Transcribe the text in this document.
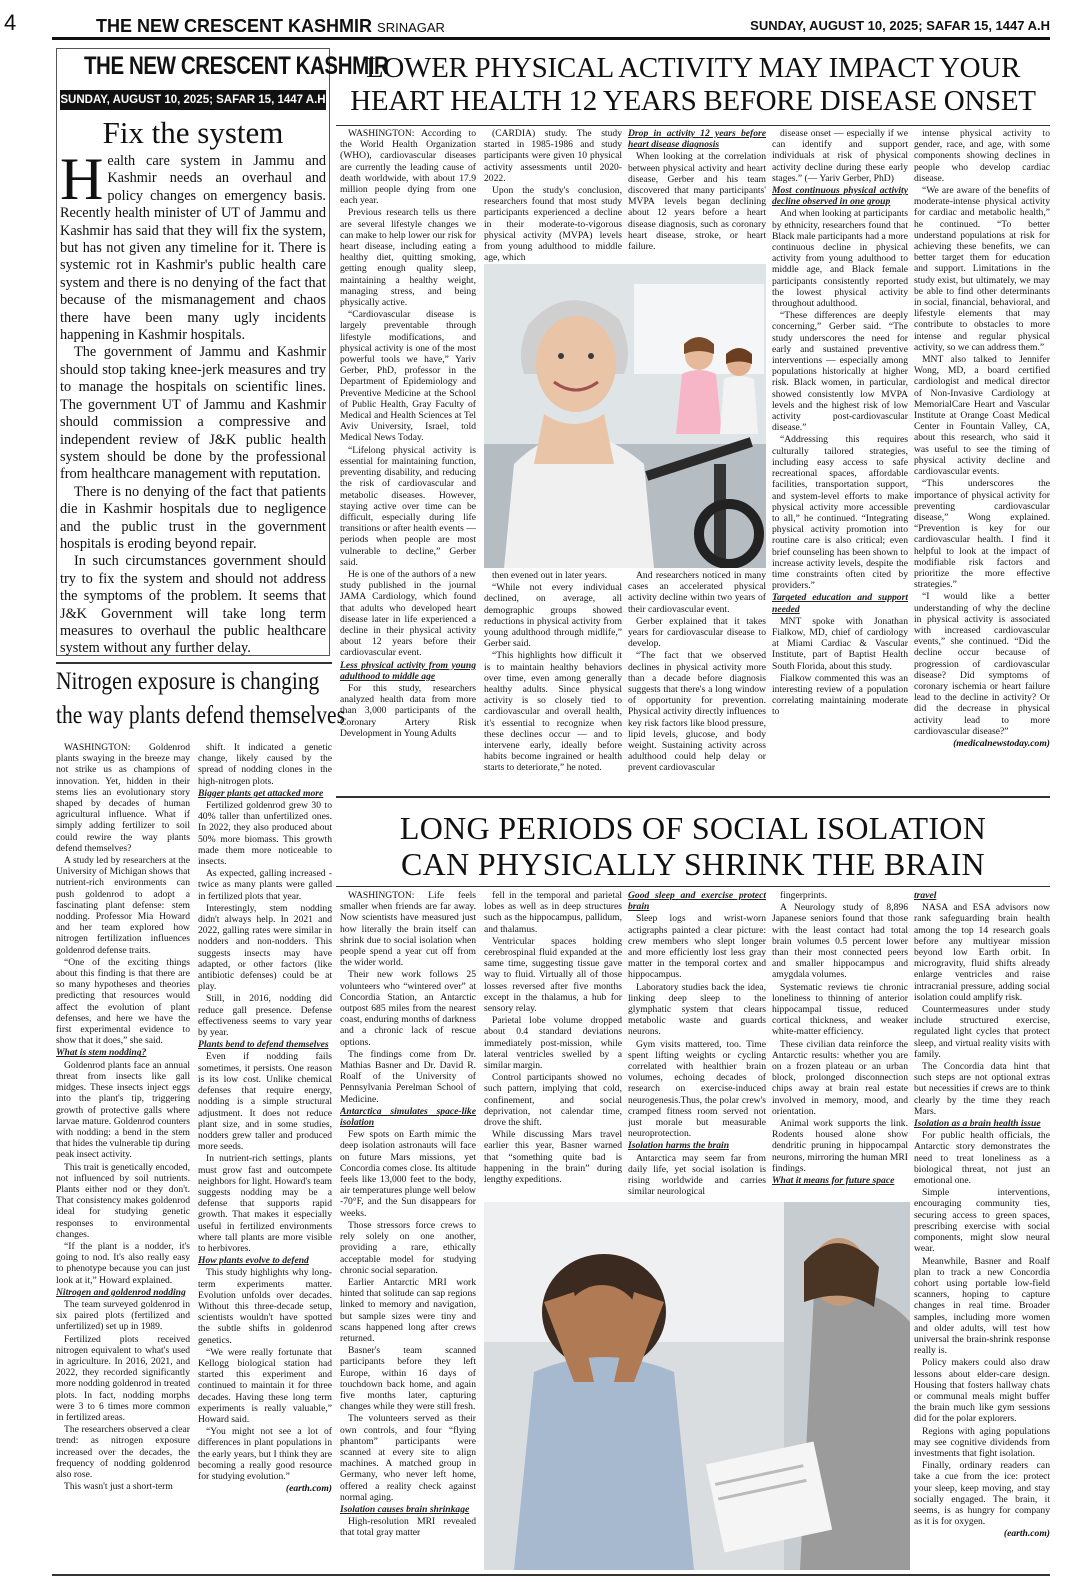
4	THE NEW CRESCENT KASHMIR SRINAGAR	SUNDAY, AUGUST 10, 2025; SAFAR 15, 1447 A.H
THE NEW CRESCENT KASHMIR
SUNDAY, AUGUST 10, 2025; SAFAR 15, 1447 A.H
Fix the system

Health care system in Jammu and Kashmir needs an overhaul and policy changes on emergency basis. Recently health minister of UT of Jammu and Kashmir has said that they will fix the system, but has not given any timeline for it. There is systemic rot in Kashmir's public health care system and there is no denying of the fact that because of the mismanagement and chaos there have been many ugly incidents happening in Kashmir hospitals.

The government of Jammu and Kashmir should stop taking knee-jerk measures and try to manage the hospitals on scientific lines. The government UT of Jammu and Kashmir should commission a compressive and independent review of J&K public health system should be done by the professional from healthcare management with reputation.

There is no denying of the fact that patients die in Kashmir hospitals due to negligence and the public trust in the government hospitals is eroding beyond repair.

In such circumstances government should try to fix the system and should not address the symptoms of the problem. It seems that J&K Government will take long term measures to overhaul the public healthcare system without any further delay.

LOWER PHYSICAL ACTIVITY MAY IMPACT YOUR
HEART HEALTH 12 YEARS BEFORE DISEASE ONSET

WASHINGTON: According to the World Health Organization (WHO), cardiovascular diseases are currently the leading cause of death worldwide, with about 17.9 million people dying from one each year.

Previous research tells us there are several lifestyle changes we can make to help lower our risk for heart disease, including eating a healthy diet, quitting smoking, getting enough quality sleep, maintaining a healthy weight, managing stress, and being physically active.

“Cardiovascular disease is largely preventable through lifestyle modifications, and physical activity is one of the most powerful tools we have,” Yariv Gerber, PhD, professor in the Department of Epidemiology and Preventive Medicine at the School of Public Health, Gray Faculty of Medical and Health Sciences at Tel Aviv University, Israel, told Medical News Today.

“Lifelong physical activity is essential for maintaining function, preventing disability, and reducing the risk of cardiovascular and metabolic diseases. However, staying active over time can be difficult, especially during life transitions or after health events — periods when people are most vulnerable to decline,” Gerber said.

He is one of the authors of a new study published in the journal JAMA Cardiology, which found that adults who developed heart disease later in life experienced a decline in their physical activity about 12 years before their cardiovascular event.

Less physical activity from young adulthood to middle age

For this study, researchers analyzed health data from more than 3,000 participants of the Coronary Artery Risk Development in Young Adults

(CARDIA) study. The study started in 1985-1986 and study participants were given 10 physical activity assessments until 2020-2022.

Upon the study's conclusion, researchers found that most study participants experienced a decline in their moderate-to-vigorous physical activity (MVPA) levels from young adulthood to middle age, which

Drop in activity 12 years before heart disease diagnosis

When looking at the correlation between physical activity and heart disease, Gerber and his team discovered that many participants' MVPA levels began declining about 12 years before a heart disease diagnosis, such as coronary heart disease, stroke, or heart failure.

then evened out in later years.

“While not every individual declined, on average, all demographic groups showed reductions in physical activity from young adulthood through midlife,” Gerber said.

“This highlights how difficult it is to maintain healthy behaviors over time, even among generally healthy adults. Since physical activity is so closely tied to cardiovascular and overall health, it's essential to recognize when these declines occur — and to intervene early, ideally before habits become ingrained or health starts to deteriorate,” he noted.

And researchers noticed in many cases an accelerated physical activity decline within two years of their cardiovascular event.

Gerber explained that it takes years for cardiovascular disease to develop.

“The fact that we observed declines in physical activity more than a decade before diagnosis suggests that there's a long window of opportunity for prevention. Physical activity directly influences key risk factors like blood pressure, lipid levels, glucose, and body weight. Sustaining activity across adulthood could help delay or prevent cardiovascular

disease onset — especially if we can identify and support individuals at risk of physical activity decline during these early stages.” (— Yariv Gerber, PhD)

Most continuous physical activity decline observed in one group

And when looking at participants by ethnicity, researchers found that Black male participants had a more continuous decline in physical activity from young adulthood to middle age, and Black female participants consistently reported the lowest physical activity throughout adulthood.

“These differences are deeply concerning,” Gerber said. “The study underscores the need for early and sustained preventive interventions — especially among populations historically at higher risk. Black women, in particular, showed consistently low MVPA levels and the highest risk of low activity post-cardiovascular disease.”

“Addressing this requires culturally tailored strategies, including easy access to safe recreational spaces, affordable facilities, transportation support, and system-level efforts to make physical activity more accessible to all,” he continued. “Integrating physical activity promotion into routine care is also critical; even brief counseling has been shown to increase activity levels, despite the time constraints often cited by providers.”

Targeted education and support needed

MNT spoke with Jonathan Fialkow, MD, chief of cardiology at Miami Cardiac & Vascular Institute, part of Baptist Health South Florida, about this study.

Fialkow commented this was an interesting review of a population correlating maintaining moderate to

intense physical activity to gender, race, and age, with some components showing declines in people who develop cardiac disease.

“We are aware of the benefits of moderate-intense physical activity for cardiac and metabolic health,” he continued. “To better understand populations at risk for achieving these benefits, we can better target them for education and support. Limitations in the study exist, but ultimately, we may be able to find other determinants in social, financial, behavioral, and lifestyle elements that may contribute to obstacles to more intense and regular physical activity, so we can address them.”

MNT also talked to Jennifer Wong, MD, a board certified cardiologist and medical director of Non-Invasive Cardiology at MemorialCare Heart and Vascular Institute at Orange Coast Medical Center in Fountain Valley, CA, about this research, who said it was useful to see the timing of physical activity decline and cardiovascular events.

“This underscores the importance of physical activity for preventing cardiovascular disease,” Wong explained. “Prevention is key for our cardiovascular health. I find it helpful to look at the impact of modifiable risk factors and prioritize the more effective strategies.”

“I would like a better understanding of why the decline in physical activity is associated with increased cardiovascular events,” she continued. “Did the decline occur because of progression of cardiovascular disease? Did symptoms of coronary ischemia or heart failure lead to the decline in activity? Or did the decrease in physical activity lead to more cardiovascular disease?”

(medicalnewstoday.com)

Nitrogen exposure is changing
the way plants defend themselves

WASHINGTON: Goldenrod plants swaying in the breeze may not strike us as champions of innovation. Yet, hidden in their stems lies an evolutionary story shaped by decades of human agricultural influence. What if simply adding fertilizer to soil could rewire the way plants defend themselves?

A study led by researchers at the University of Michigan shows that nutrient-rich environments can push goldenrod to adopt a fascinating plant defense: stem nodding. Professor Mia Howard and her team explored how nitrogen fertilization influences goldenrod defense traits.

“One of the exciting things about this finding is that there are so many hypotheses and theories predicting that resources would affect the evolution of plant defenses, and here we have the first experimental evidence to show that it does,” she said.

What is stem nodding?

Goldenrod plants face an annual threat from insects like gall midges. These insects inject eggs into the plant's tip, triggering growth of protective galls where larvae mature. Goldenrod counters with nodding: a bend in the stem that hides the vulnerable tip during peak insect activity.

This trait is genetically encoded, not influenced by soil nutrients. Plants either nod or they don't. That consistency makes goldenrod ideal for studying genetic responses to environmental changes.

“If the plant is a nodder, it's going to nod. It's also really easy to phenotype because you can just look at it,” Howard explained.

Nitrogen and goldenrod nodding

The team surveyed goldenrod in six paired plots (fertilized and unfertilized) set up in 1989.

Fertilized plots received nitrogen equivalent to what's used in agriculture. In 2016, 2021, and 2022, they recorded significantly more nodding goldenrod in treated plots. In fact, nodding morphs were 3 to 6 times more common in fertilized areas.

The researchers observed a clear trend: as nitrogen exposure increased over the decades, the frequency of nodding goldenrod also rose.

This wasn't just a short-term

shift. It indicated a genetic change, likely caused by the spread of nodding clones in the high-nitrogen plots.

Bigger plants get attacked more

Fertilized goldenrod grew 30 to 40% taller than unfertilized ones. In 2022, they also produced about 50% more biomass. This growth made them more noticeable to insects.

As expected, galling increased - twice as many plants were galled in fertilized plots that year.

Interestingly, stem nodding didn't always help. In 2021 and 2022, galling rates were similar in nodders and non-nodders. This suggests insects may have adapted, or other factors (like antibiotic defenses) could be at play.

Still, in 2016, nodding did reduce gall presence. Defense effectiveness seems to vary year by year.

Plants bend to defend themselves

Even if nodding fails sometimes, it persists. One reason is its low cost. Unlike chemical defenses that require energy, nodding is a simple structural adjustment. It does not reduce plant size, and in some studies, nodders grew taller and produced more seeds.

In nutrient-rich settings, plants must grow fast and outcompete neighbors for light. Howard's team suggests nodding may be a defense that supports rapid growth. That makes it especially useful in fertilized environments where tall plants are more visible to herbivores.

How plants evolve to defend

This study highlights why long-term experiments matter. Evolution unfolds over decades. Without this three-decade setup, scientists wouldn't have spotted the subtle shifts in goldenrod genetics.

“We were really fortunate that Kellogg biological station had started this experiment and continued to maintain it for three decades. Having these long term experiments is really valuable,” Howard said.

“You might not see a lot of differences in plant populations in the early years, but I think they are becoming a really good resource for studying evolution.”

(earth.com)

LONG PERIODS OF SOCIAL ISOLATION
CAN PHYSICALLY SHRINK THE BRAIN

WASHINGTON: Life feels smaller when friends are far away. Now scientists have measured just how literally the brain itself can shrink due to social isolation when people spend a year cut off from the wider world.

Their new work follows 25 volunteers who “wintered over” at Concordia Station, an Antarctic outpost 685 miles from the nearest coast, enduring months of darkness and a chronic lack of rescue options.

The findings come from Dr. Mathias Basner and Dr. David R. Roalf of the University of Pennsylvania Perelman School of Medicine.

Antarctica simulates space-like isolation

Few spots on Earth mimic the deep isolation astronauts will face on future Mars missions, yet Concordia comes close. Its altitude feels like 13,000 feet to the body, air temperatures plunge well below -70°F, and the Sun disappears for weeks.

Those stressors force crews to rely solely on one another, providing a rare, ethically acceptable model for studying chronic social separation.

Earlier Antarctic MRI work hinted that solitude can sap regions linked to memory and navigation, but sample sizes were tiny and scans happened long after crews returned.

Basner's team scanned participants before they left Europe, within 16 days of touchdown back home, and again five months later, capturing changes while they were still fresh.

The volunteers served as their own controls, and four “flying phantom” participants were scanned at every site to align machines. A matched group in Germany, who never left home, offered a reality check against normal aging.

Isolation causes brain shrinkage

High-resolution MRI revealed that total gray matter

fell in the temporal and parietal lobes as well as in deep structures such as the hippocampus, pallidum, and thalamus.

Ventricular spaces holding cerebrospinal fluid expanded at the same time, suggesting tissue gave way to fluid. Virtually all of those losses reversed after five months except in the thalamus, a hub for sensory relay.

Parietal lobe volume dropped about 0.4 standard deviations immediately post-mission, while lateral ventricles swelled by a similar margin.

Control participants showed no such pattern, implying that cold, confinement, and social deprivation, not calendar time, drove the shift.

While discussing Mars travel earlier this year, Basner warned that “something quite bad is happening in the brain” during lengthy expeditions.

Good sleep and exercise protect brain

Sleep logs and wrist-worn actigraphs painted a clear picture: crew members who slept longer and more efficiently lost less gray matter in the temporal cortex and hippocampus.

Laboratory studies back the idea, linking deep sleep to the glymphatic system that clears metabolic waste and guards neurons.

Gym visits mattered, too. Time spent lifting weights or cycling correlated with healthier brain volumes, echoing decades of research on exercise-induced neurogenesis.Thus, the polar crew's cramped fitness room served not just morale but measurable neuroprotection.

Isolation harms the brain

Antarctica may seem far from daily life, yet social isolation is rising worldwide and carries similar neurological

fingerprints.

A Neurology study of 8,896 Japanese seniors found that those with the least contact had total brain volumes 0.5 percent lower than their most connected peers and smaller hippocampus and amygdala volumes.

Systematic reviews tie chronic loneliness to thinning of anterior hippocampal tissue, reduced cortical thickness, and weaker white-matter efficiency.

These civilian data reinforce the Antarctic results: whether you are on a frozen plateau or an urban block, prolonged disconnection chips away at brain real estate involved in memory, mood, and orientation.

Animal work supports the link. Rodents housed alone show dendritic pruning in hippocampal neurons, mirroring the human MRI findings.

What it means for future space

travel

NASA and ESA advisors now rank safeguarding brain health among the top 14 research goals before any multiyear mission beyond low Earth orbit. In microgravity, fluid shifts already enlarge ventricles and raise intracranial pressure, adding social isolation could amplify risk.

Countermeasures under study include structured exercise, regulated light cycles that protect sleep, and virtual reality visits with family.

The Concordia data hint that such steps are not optional extras but necessities if crews are to think clearly by the time they reach Mars.

Isolation as a brain health issue

For public health officials, the Antarctic story demonstrates the need to treat loneliness as a biological threat, not just an emotional one.

Simple interventions, encouraging community ties, securing access to green spaces, prescribing exercise with social components, might slow neural wear.

Meanwhile, Basner and Roalf plan to track a new Concordia cohort using portable low-field scanners, hoping to capture changes in real time. Broader samples, including more women and older adults, will test how universal the brain-shrink response really is.

Policy makers could also draw lessons about elder-care design. Housing that fosters hallway chats or communal meals might buffer the brain much like gym sessions did for the polar explorers.

Regions with aging populations may see cognitive dividends from investments that fight isolation.

Finally, ordinary readers can take a cue from the ice: protect your sleep, keep moving, and stay socially engaged. The brain, it seems, is as hungry for company as it is for oxygen.

(earth.com)
